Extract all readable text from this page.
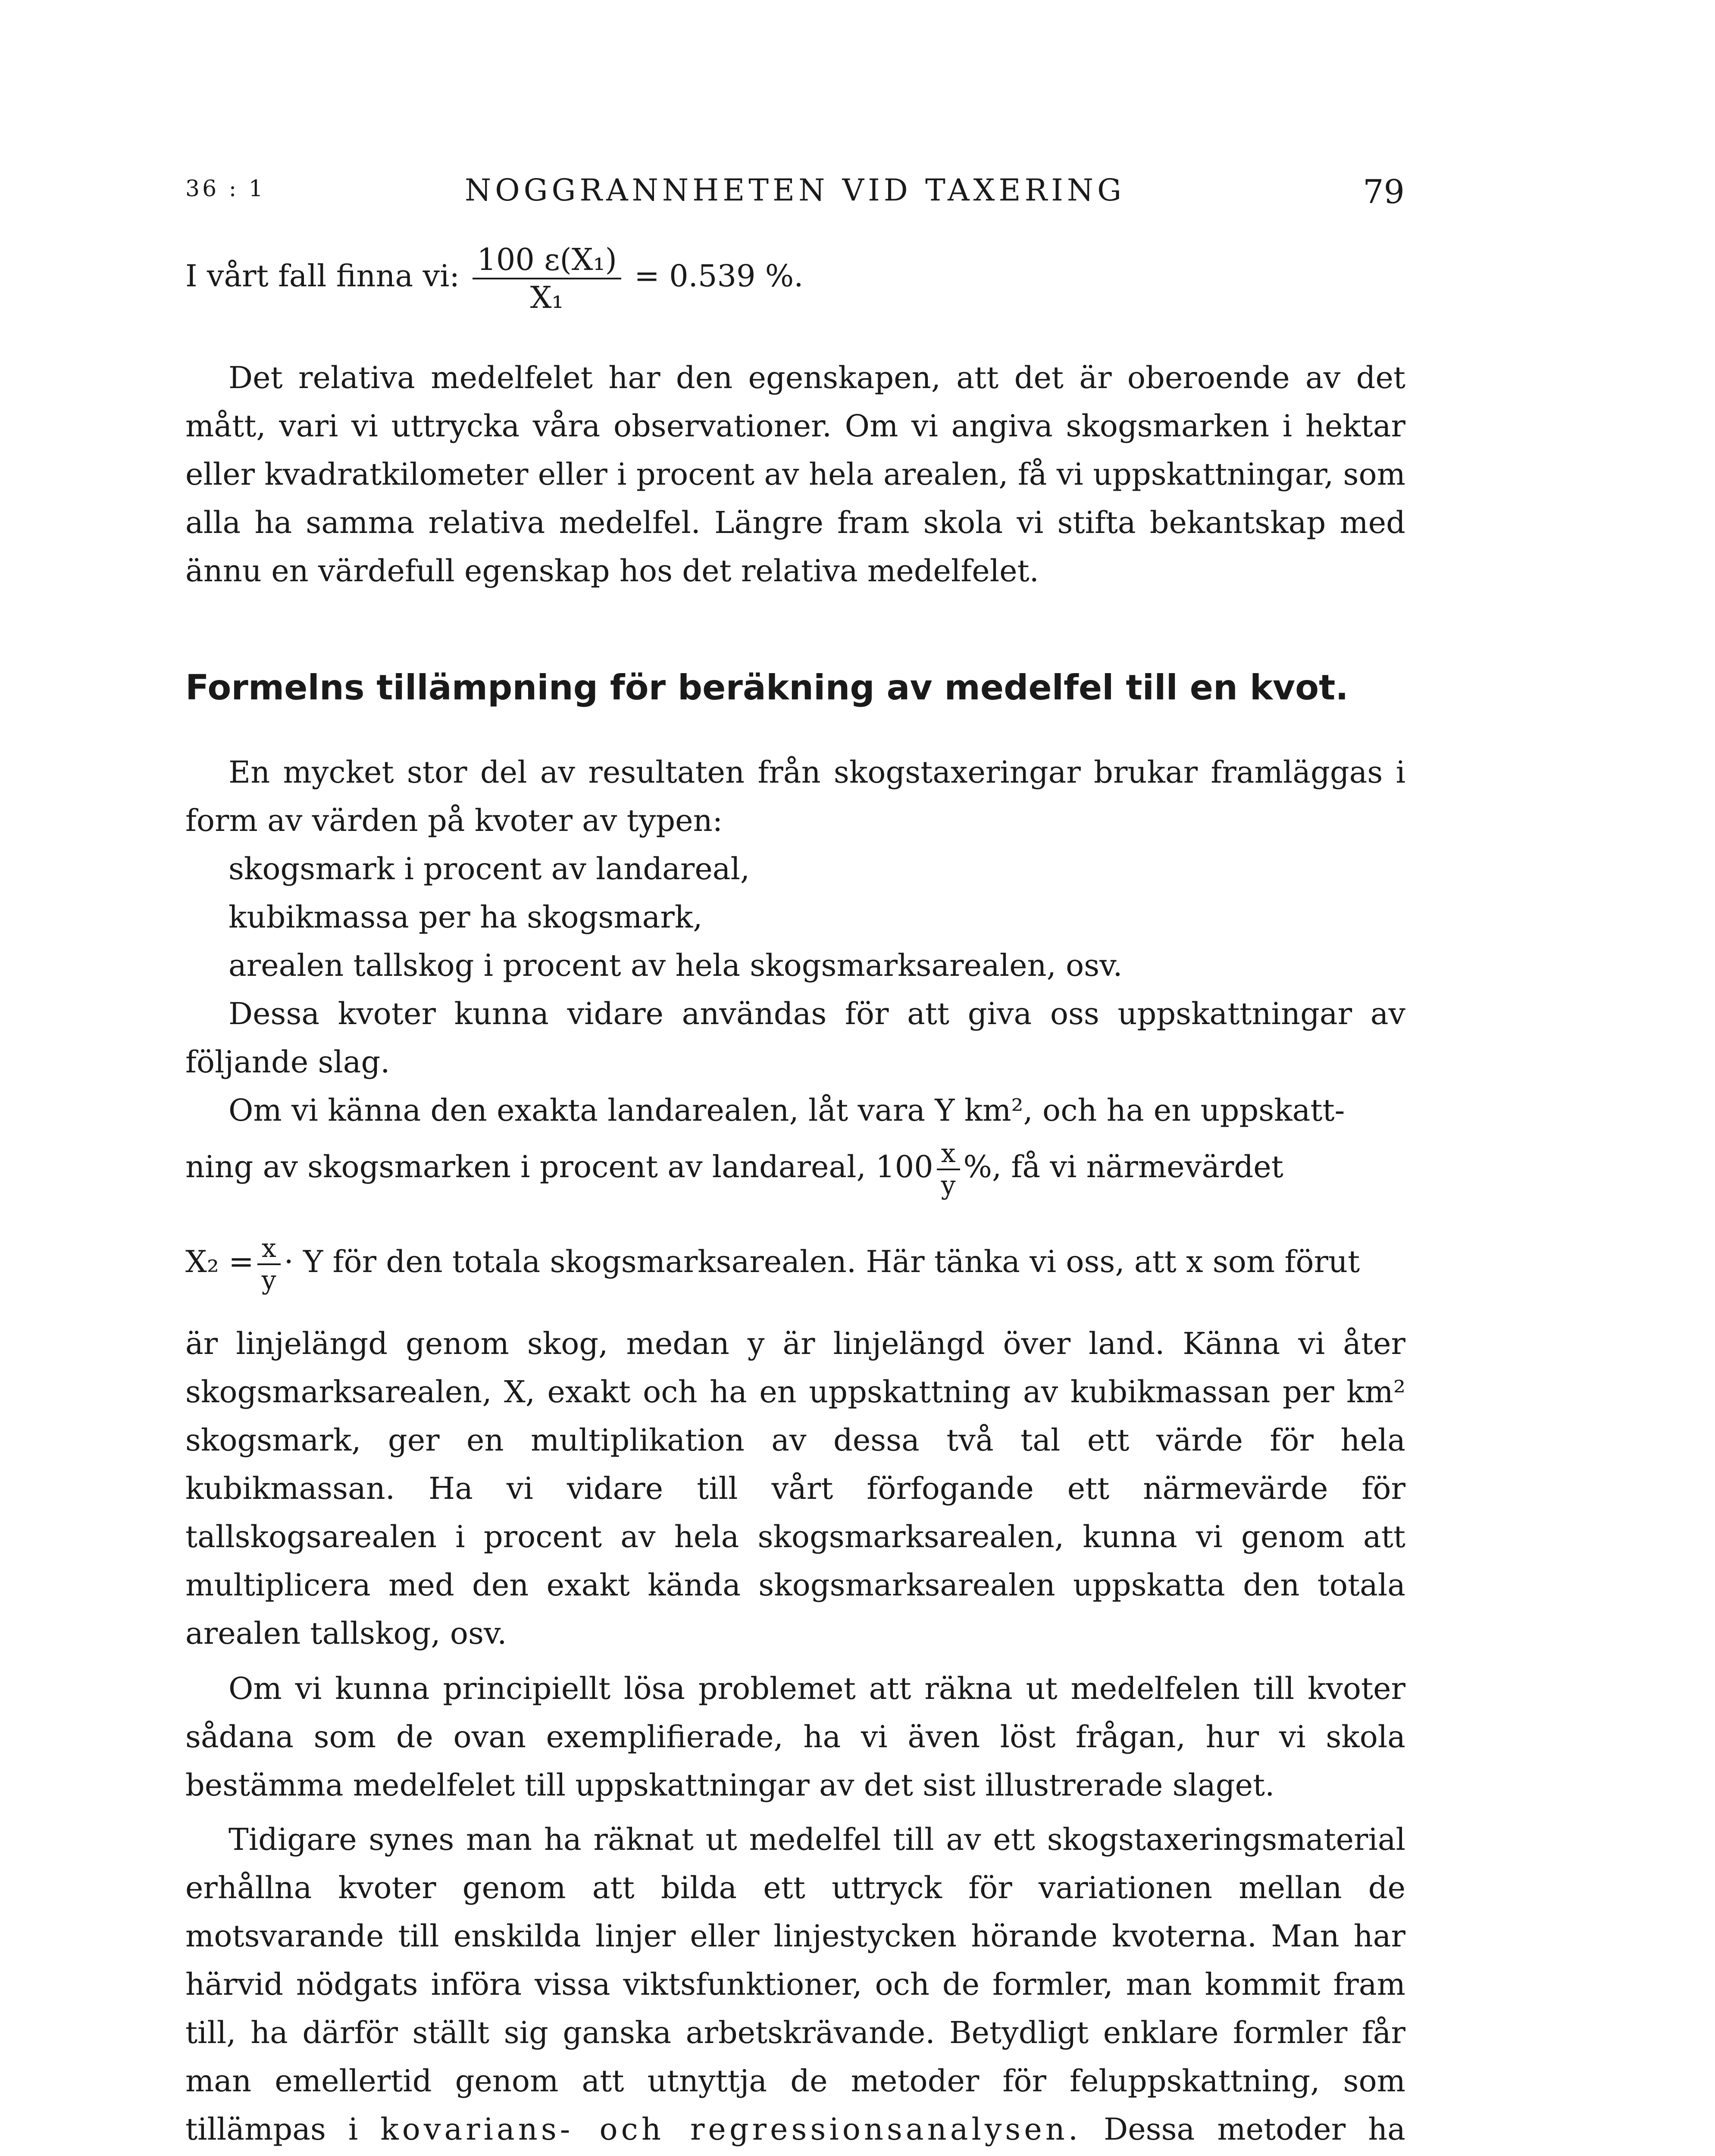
36 : 1	NOGGRANNHETEN VID TAXERING	79
I vårt fall finna vi: $\frac{\text{100 ε(X₁)}}{\text{X₁}} = 0.539$ %.
Det relativa medelfelet har den egenskapen, att det är oberoende av det mått, vari vi uttrycka våra observationer. Om vi angiva skogsmarken i hektar eller kvadratkilometer eller i procent av hela arealen, få vi uppskattningar, som alla ha samma relativa medelfel. Längre fram skola vi stifta bekantskap med ännu en värdefull egenskap hos det relativa medelfelet.
Formelns tillämpning för beräkning av medelfel till en kvot.
En mycket stor del av resultaten från skogstaxeringar brukar framläggas i form av värden på kvoter av typen:
skogsmark i procent av landareal,
kubikmassa per ha skogsmark,
arealen tallskog i procent av hela skogsmarksarealen, osv.
Dessa kvoter kunna vidare användas för att giva oss uppskattningar av följande slag.
Om vi känna den exakta landarealen, låt vara Y km², och ha en uppskatt-
ning av skogsmarken i procent av landareal, $100 \frac{x}{y}$ %, få vi närmevärdet
$X_2 = \frac{x}{y} \cdot Y$ för den totala skogsmarksarealen. Här tänka vi oss, att x som förut
är linjelängd genom skog, medan y är linjelängd över land. Känna vi åter skogsmarksarealen, X, exakt och ha en uppskattning av kubikmassan per km² skogsmark, ger en multiplikation av dessa två tal ett värde för hela kubikmassan. Ha vi vidare till vårt förfogande ett närmevärde för tallskogsarealen i procent av hela skogsmarksarealen, kunna vi genom att multiplicera med den exakt kända skogsmarksarealen uppskatta den totala arealen tallskog, osv.
Om vi kunna principiellt lösa problemet att räkna ut medelfelen till kvoter sådana som de ovan exemplifierade, ha vi även löst frågan, hur vi skola bestämma medelfelet till uppskattningar av det sist illustrerade slaget.
Tidigare synes man ha räknat ut medelfel till av ett skogstaxeringsmaterial erhållna kvoter genom att bilda ett uttryck för variationen mellan de motsvarande till enskilda linjer eller linjestycken hörande kvoterna. Man har härvid nödgats införa vissa viktsfunktioner, och de formler, man kommit fram till, ha därför ställt sig ganska arbetskrävande. Betydligt enklare formler får man emellertid genom att utnyttja de metoder för feluppskattning, som tillämpas i kovarians- och regressionsanalysen. Dessa metoder ha
